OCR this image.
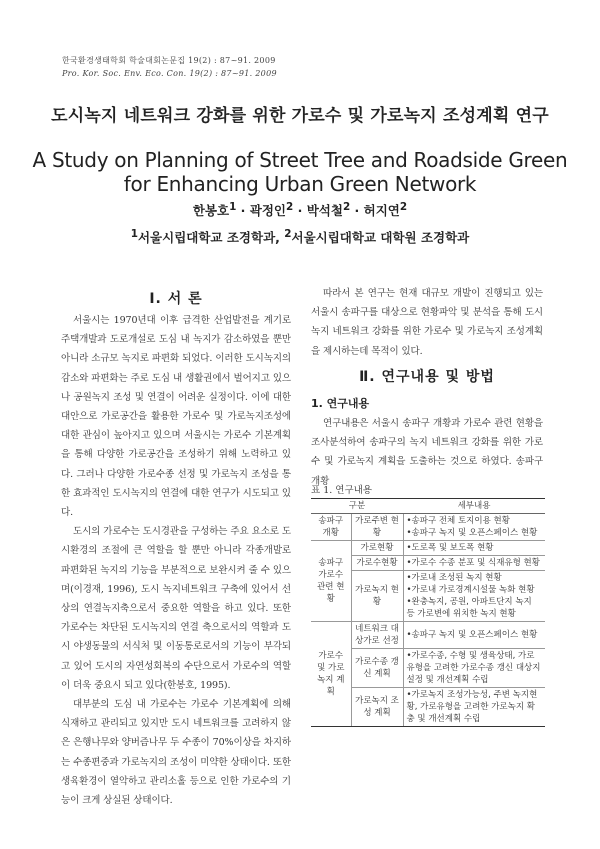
한국환경생태학회 학술대회논문집 19(2) : 87~91. 2009
Pro. Kor. Soc. Env. Eco. Con. 19(2) : 87~91. 2009
도시녹지 네트워크 강화를 위한 가로수 및 가로녹지 조성계획 연구
A Study on Planning of Street Tree and Roadside Green
for Enhancing Urban Green Network
한봉호$^1$ · 곽정인$^2$ · 박석철$^2$ · 허지연$^2$
$^1$서울시립대학교 조경학과, $^2$서울시립대학교 대학원 조경학과
Ⅰ. 서 론

서울시는 1970년대 이후 급격한 산업발전을 계기로 주택개발과 도로개설로 도심 내 녹지가 감소하였을 뿐만 아니라 소규모 녹지로 파편화 되었다. 이러한 도시녹지의 감소와 파편화는 주로 도심 내 생활권에서 벌어지고 있으나 공원녹지 조성 및 연결이 어려운 실정이다. 이에 대한 대안으로 가로공간을 활용한 가로수 및 가로녹지조성에 대한 관심이 높아지고 있으며 서울시는 가로수 기본계획을 통해 다양한 가로공간을 조성하기 위해 노력하고 있다. 그러나 다양한 가로수종 선정 및 가로녹지 조성을 통한 효과적인 도시녹지의 연결에 대한 연구가 시도되고 있다.

도시의 가로수는 도시경관을 구성하는 주요 요소로 도시환경의 조절에 큰 역할을 할 뿐만 아니라 각종개발로 파편화된 녹지의 기능을 부분적으로 보완시켜 줄 수 있으며(이경재, 1996), 도시 녹지네트워크 구축에 있어서 선상의 연결녹지축으로서 중요한 역할을 하고 있다. 또한 가로수는 차단된 도시녹지의 연결 축으로서의 역할과 도시 야생동물의 서식처 및 이동통로로서의 기능이 부각되고 있어 도시의 자연성회복의 수단으로서 가로수의 역할이 더욱 중요시 되고 있다(한봉호, 1995).

대부분의 도심 내 가로수는 가로수 기본계획에 의해 식재하고 관리되고 있지만 도시 네트워크를 고려하지 않은 은행나무와 양버즘나무 두 수종이 70%이상을 차지하는 수종편중과 가로녹지의 조성이 미약한 상태이다. 또한 생육환경이 열악하고 관리소홀 등으로 인한 가로수의 기능이 크게 상실된 상태이다.

따라서 본 연구는 현재 대규모 개발이 진행되고 있는 서울시 송파구를 대상으로 현황파악 및 분석을 통해 도시녹지 네트워크 강화를 위한 가로수 및 가로녹지 조성계획을 제시하는데 목적이 있다.

Ⅱ. 연구내용 및 방법
1. 연구내용

연구내용은 서울시 송파구 개황과 가로수 관련 현황을 조사분석하여 송파구의 녹지 네트워크 강화를 위한 가로수 및 가로녹지 계획을 도출하는 것으로 하였다. 송파구 개황

표 1. 연구내용
구분		세부내용
송파구 개황	가로주변 현황	•송파구 전체 토지이용 현황
•송파구 녹지 및 오픈스페이스 현황

송파구 가로수 관련 현황	가로현황	•도로폭 및 보도폭 현황

	가로수현황	•가로수 수종 분포 및 식재유형 현황

	가로녹지 현황	•가로내 조성된 녹지 현황
•가로내 가로경계시설물 녹화 현황
•완충녹지, 공원, 아파트단지 녹지 등 가로변에 위치한 녹지 현황

가로수 및 가로 녹지 계획	네트워크 대상가로 선정	•송파구 녹지 및 오픈스페이스 현황

	가로수종 갱신 계획	•가로수종, 수형 및 생육상태, 가로유형을 고려한 가로수종 갱신 대상지 설정 및 개선계획 수립

	가로녹지 조성 계획	•가로녹지 조성가능성, 주변 녹지현황, 가로유형을 고려한 가로녹지 확충 및 개선계획 수립
